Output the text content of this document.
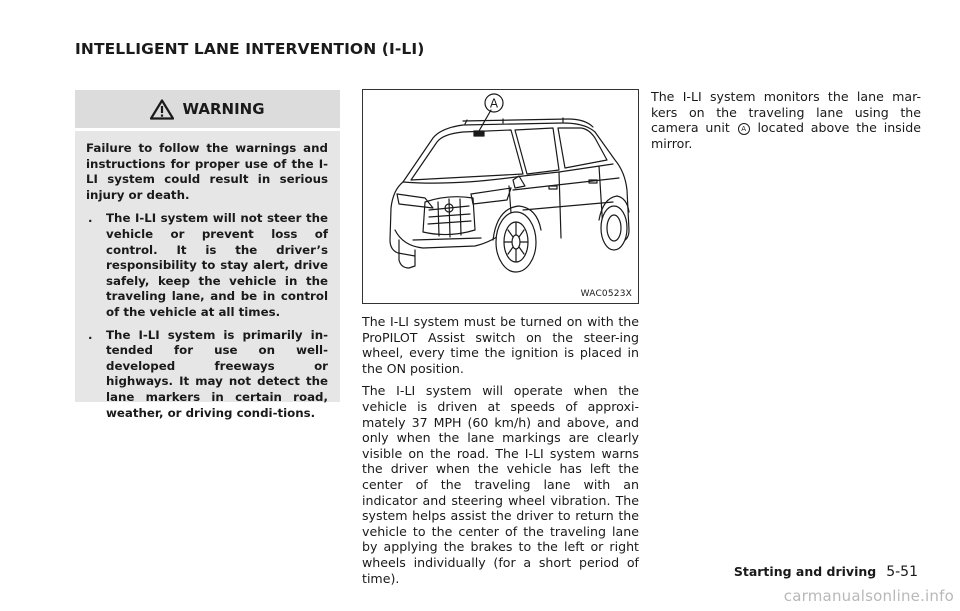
INTELLIGENT LANE INTERVENTION (I-LI)
WARNING

Failure to follow the warnings and instructions for proper use of the I-LI system could result in serious injury or death.

.	The I-LI system will not steer the vehicle or prevent loss of control. It is the driver’s responsibility to stay alert, drive safely, keep the vehicle in the traveling lane, and be in control of the vehicle at all times.
.	The I-LI system is primarily in-tended for use on well-developed freeways or highways. It may not detect the lane markers in certain road, weather, or driving condi-tions.
A
WAC0523X

The I-LI system must be turned on with the ProPILOT Assist switch on the steer-ing wheel, every time the ignition is placed in the ON position.

The I-LI system will operate when the vehicle is driven at speeds of approxi-mately 37 MPH (60 km/h) and above, and only when the lane markings are clearly visible on the road. The I-LI system warns the driver when the vehicle has left the center of the traveling lane with an indicator and steering wheel vibration. The system helps assist the driver to return the vehicle to the center of the traveling lane by applying the brakes to the left or right wheels individually (for a short period of time).

The I-LI system monitors the lane mar-kers on the traveling lane using the camera unit A located above the inside mirror.

Starting and driving 5-51
carmanualsonline.info
